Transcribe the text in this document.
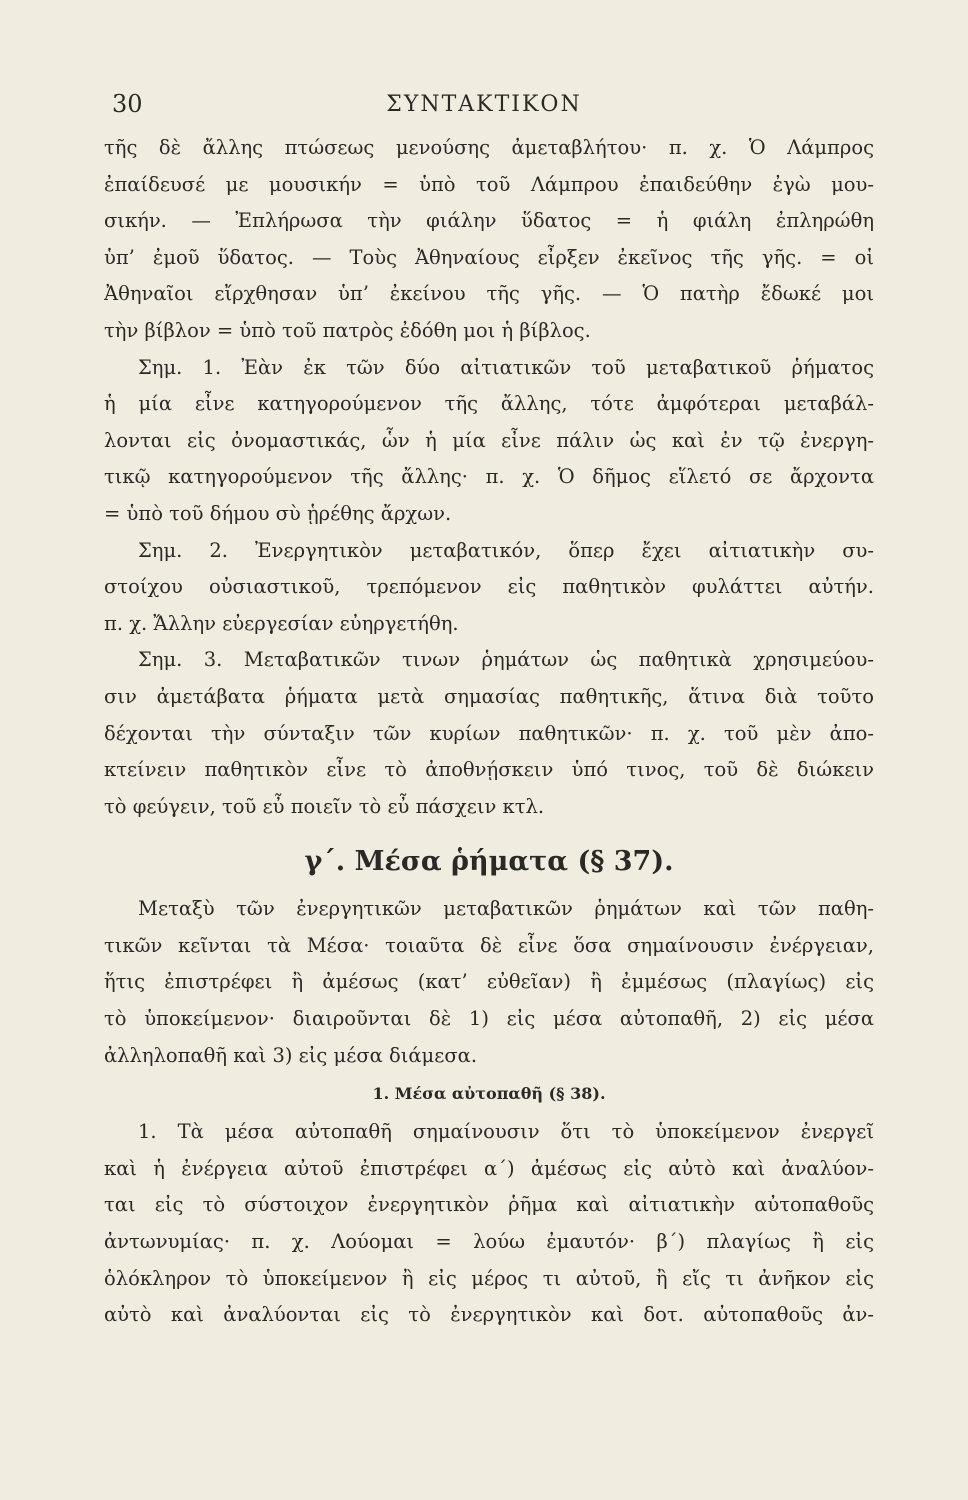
30	ΣΥΝΤΑΚΤΙΚΟΝ
τῆς δὲ ἄλλης πτώσεως μενούσης ἀμεταβλήτου· π. χ. Ὁ Λάμπρος
ἐπαίδευσέ με μουσικήν = ὑπὸ τοῦ Λάμπρου ἐπαιδεύθην ἐγὼ μου-
σικήν. — Ἐπλήρωσα τὴν φιάλην ὕδατος = ἡ φιάλη ἐπληρώθη
ὑπ’ ἐμοῦ ὕδατος. — Τοὺς Ἀθηναίους εἶρξεν ἐκεῖνος τῆς γῆς. = οἱ
Ἀθηναῖοι εἴρχθησαν ὑπ’ ἐκείνου τῆς γῆς. — Ὁ πατὴρ ἔδωκέ μοι
τὴν βίβλον = ὑπὸ τοῦ πατρὸς ἐδόθη μοι ἡ βίβλος.
Σημ. 1. Ἐὰν ἐκ τῶν δύο αἰτιατικῶν τοῦ μεταβατικοῦ ῥήματος
ἡ μία εἶνε κατηγορούμενον τῆς ἄλλης, τότε ἀμφότεραι μεταβάλ-
λονται εἰς ὀνομαστικάς, ὧν ἡ μία εἶνε πάλιν ὡς καὶ ἐν τῷ ἐνεργη-
τικῷ κατηγορούμενον τῆς ἄλλης· π. χ. Ὁ δῆμος εἵλετό σε ἄρχοντα
= ὑπὸ τοῦ δήμου σὺ ᾑρέθης ἄρχων.
Σημ. 2. Ἐνεργητικὸν μεταβατικόν, ὅπερ ἔχει αἰτιατικὴν συ-
στοίχου οὐσιαστικοῦ, τρεπόμενον εἰς παθητικὸν φυλάττει αὐτήν.
π. χ. Ἄλλην εὐεργεσίαν εὐηργετήθη.
Σημ. 3. Μεταβατικῶν τινων ῥημάτων ὡς παθητικὰ χρησιμεύου-
σιν ἀμετάβατα ῥήματα μετὰ σημασίας παθητικῆς, ἅτινα διὰ τοῦτο
δέχονται τὴν σύνταξιν τῶν κυρίων παθητικῶν· π. χ. τοῦ μὲν ἀπο-
κτείνειν παθητικὸν εἶνε τὸ ἀποθνῄσκειν ὑπό τινος, τοῦ δὲ διώκειν
τὸ φεύγειν, τοῦ εὖ ποιεῖν τὸ εὖ πάσχειν κτλ.
γ΄. Μέσα ῥήματα (§ 37).
Μεταξὺ τῶν ἐνεργητικῶν μεταβατικῶν ῥημάτων καὶ τῶν παθη-
τικῶν κεῖνται τὰ Μέσα· τοιαῦτα δὲ εἶνε ὅσα σημαίνουσιν ἐνέργειαν,
ἥτις ἐπιστρέφει ἢ ἀμέσως (κατ’ εὐθεῖαν) ἢ ἐμμέσως (πλαγίως) εἰς
τὸ ὑποκείμενον· διαιροῦνται δὲ 1) εἰς μέσα αὐτοπαθῆ, 2) εἰς μέσα
ἀλληλοπαθῆ καὶ 3) εἰς μέσα διάμεσα.
1. Μέσα αὐτοπαθῆ (§ 38).
1. Τὰ μέσα αὐτοπαθῆ σημαίνουσιν ὅτι τὸ ὑποκείμενον ἐνεργεῖ
καὶ ἡ ἐνέργεια αὐτοῦ ἐπιστρέφει α΄) ἀμέσως εἰς αὐτὸ καὶ ἀναλύον-
ται εἰς τὸ σύστοιχον ἐνεργητικὸν ῥῆμα καὶ αἰτιατικὴν αὐτοπαθοῦς
ἀντωνυμίας· π. χ. Λούομαι = λούω ἐμαυτόν· β΄) πλαγίως ἢ εἰς
ὁλόκληρον τὸ ὑποκείμενον ἢ εἰς μέρος τι αὐτοῦ, ἢ εἴς τι ἀνῆκον εἰς
αὐτὸ καὶ ἀναλύονται εἰς τὸ ἐνεργητικὸν καὶ δοτ. αὐτοπαθοῦς ἀν-
